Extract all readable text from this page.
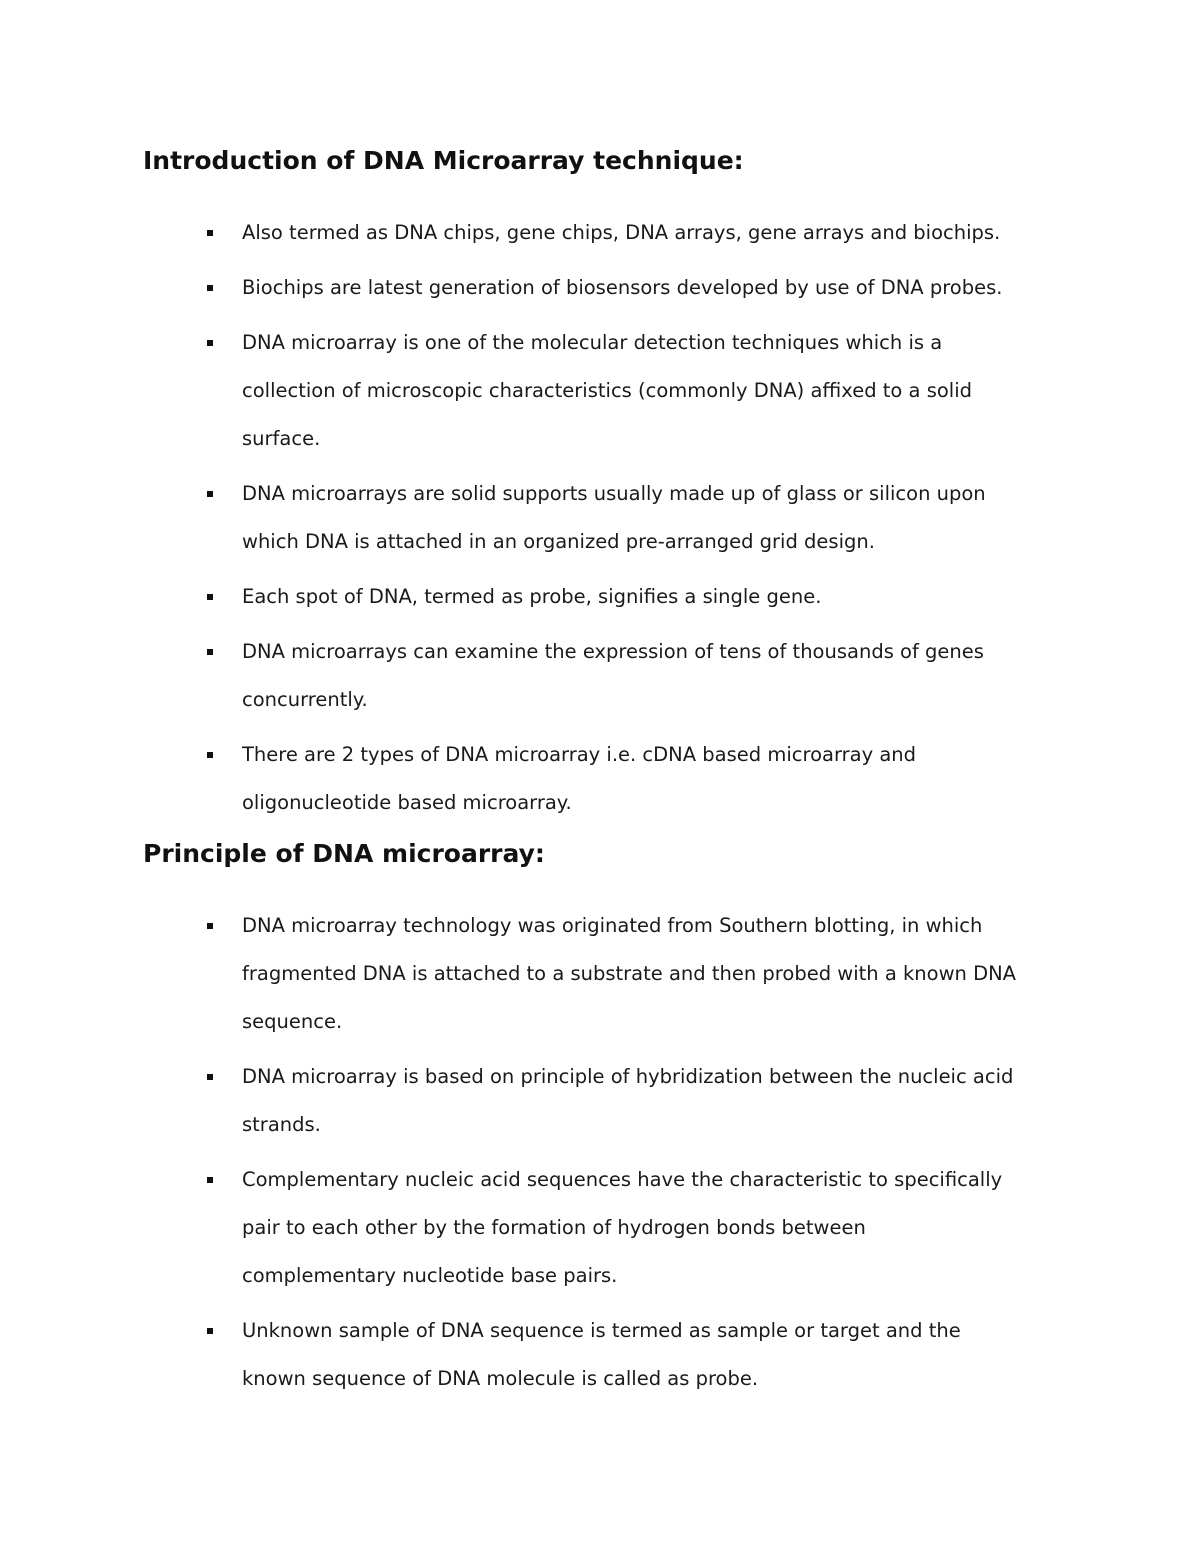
Introduction of DNA Microarray technique:
Also termed as DNA chips, gene chips, DNA arrays, gene arrays and biochips.
Biochips are latest generation of biosensors developed by use of DNA probes.
DNA microarray is one of the molecular detection techniques which is a
collection of microscopic characteristics (commonly DNA) affixed to a solid
surface.
DNA microarrays are solid supports usually made up of glass or silicon upon
which DNA is attached in an organized pre-arranged grid design.
Each spot of DNA, termed as probe, signifies a single gene.
DNA microarrays can examine the expression of tens of thousands of genes
concurrently.
There are 2 types of DNA microarray i.e. cDNA based microarray and
oligonucleotide based microarray.
Principle of DNA microarray:
DNA microarray technology was originated from Southern blotting, in which
fragmented DNA is attached to a substrate and then probed with a known DNA
sequence.
DNA microarray is based on principle of hybridization between the nucleic acid
strands.
Complementary nucleic acid sequences have the characteristic to specifically
pair to each other by the formation of hydrogen bonds between
complementary nucleotide base pairs.
Unknown sample of DNA sequence is termed as sample or target and the
known sequence of DNA molecule is called as probe.
